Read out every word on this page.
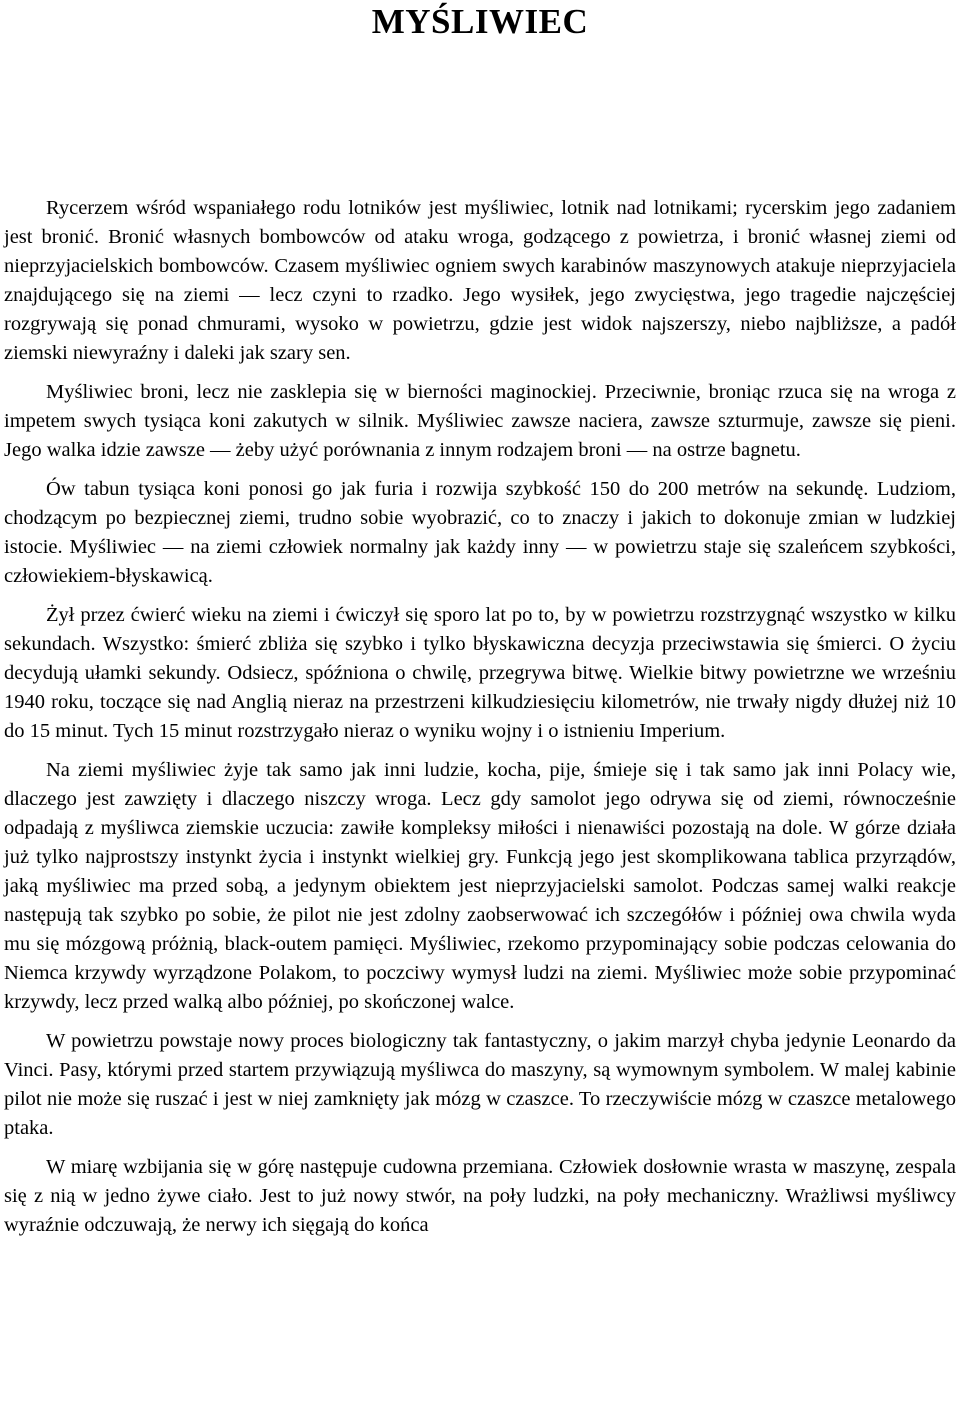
MYŚLIWIEC

Rycerzem wśród wspaniałego rodu lotników jest myśliwiec, lotnik nad lotnikami; rycerskim jego zadaniem jest bronić. Bronić własnych bombowców od ataku wroga, godzącego z powietrza, i bronić własnej ziemi od nieprzyjacielskich bombowców. Czasem myśliwiec ogniem swych karabinów maszynowych atakuje nieprzyjaciela znajdującego się na ziemi — lecz czyni to rzadko. Jego wysiłek, jego zwycięstwa, jego tragedie najczęściej rozgrywają się ponad chmurami, wysoko w powietrzu, gdzie jest widok najszerszy, niebo najbliższe, a padół ziemski niewyraźny i daleki jak szary sen.

Myśliwiec broni, lecz nie zasklepia się w bierności maginockiej. Przeciwnie, broniąc rzuca się na wroga z impetem swych tysiąca koni zakutych w silnik. Myśliwiec zawsze naciera, zawsze szturmuje, zawsze się pieni. Jego walka idzie zawsze — żeby użyć porównania z innym rodzajem broni — na ostrze bagnetu.

Ów tabun tysiąca koni ponosi go jak furia i rozwija szybkość 150 do 200 metrów na sekundę. Ludziom, chodzącym po bezpiecznej ziemi, trudno sobie wyobrazić, co to znaczy i jakich to dokonuje zmian w ludzkiej istocie. Myśliwiec — na ziemi człowiek normalny jak każdy inny — w powietrzu staje się szaleńcem szybkości, człowiekiem-błyskawicą.

Żył przez ćwierć wieku na ziemi i ćwiczył się sporo lat po to, by w powietrzu rozstrzygnąć wszystko w kilku sekundach. Wszystko: śmierć zbliża się szybko i tylko błyskawiczna decyzja przeciwstawia się śmierci. O życiu decydują ułamki sekundy. Odsiecz, spóźniona o chwilę, przegrywa bitwę. Wielkie bitwy powietrzne we wrześniu 1940 roku, toczące się nad Anglią nieraz na przestrzeni kilkudziesięciu kilometrów, nie trwały nigdy dłużej niż 10 do 15 minut. Tych 15 minut rozstrzygało nieraz o wyniku wojny i o istnieniu Imperium.

Na ziemi myśliwiec żyje tak samo jak inni ludzie, kocha, pije, śmieje się i tak samo jak inni Polacy wie, dlaczego jest zawzięty i dlaczego niszczy wroga. Lecz gdy samolot jego odrywa się od ziemi, równocześnie odpadają z myśliwca ziemskie uczucia: zawiłe kompleksy miłości i nienawiści pozostają na dole. W górze działa już tylko najprostszy instynkt życia i instynkt wielkiej gry. Funkcją jego jest skomplikowana tablica przyrządów, jaką myśliwiec ma przed sobą, a jedynym obiektem jest nieprzyjacielski samolot. Podczas samej walki reakcje następują tak szybko po sobie, że pilot nie jest zdolny zaobserwować ich szczegółów i później owa chwila wyda mu się mózgową próżnią, black-outem pamięci. Myśliwiec, rzekomo przypominający sobie podczas celowania do Niemca krzywdy wyrządzone Polakom, to poczciwy wymysł ludzi na ziemi. Myśliwiec może sobie przypominać krzywdy, lecz przed walką albo później, po skończonej walce.

W powietrzu powstaje nowy proces biologiczny tak fantastyczny, o jakim marzył chyba jedynie Leonardo da Vinci. Pasy, którymi przed startem przywiązują myśliwca do maszyny, są wymownym symbolem. W malej kabinie pilot nie może się ruszać i jest w niej zamknięty jak mózg w czaszce. To rzeczywiście mózg w czaszce metalowego ptaka.

W miarę wzbijania się w górę następuje cudowna przemiana. Człowiek dosłownie wrasta w maszynę, zespala się z nią w jedno żywe ciało. Jest to już nowy stwór, na poły ludzki, na poły mechaniczny. Wrażliwsi myśliwcy wyraźnie odczuwają, że nerwy ich sięgają do końca
